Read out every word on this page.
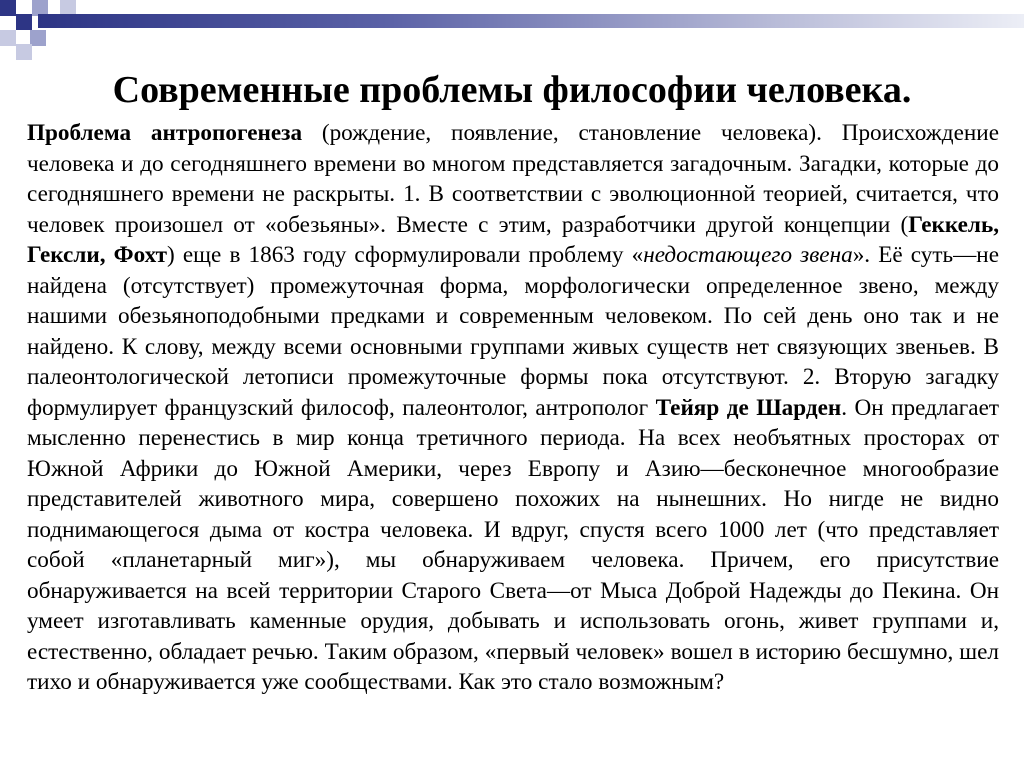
Современные проблемы философии человека.

Проблема антропогенеза (рождение, появление, становление человека). Происхождение человека и до сегодняшнего времени во многом представляется загадочным. Загадки, которые до сегодняшнего времени не раскрыты. 1. В соответствии с эволюционной теорией, считается, что человек произошел от «обезьяны». Вместе с этим, разработчики другой концепции (Геккель, Гексли, Фохт) еще в 1863 году сформулировали проблему «недостающего звена». Её суть—не найдена (отсутствует) промежуточная форма, морфологически определенное звено, между нашими обезьяноподобными предками и современным человеком. По сей день оно так и не найдено. К слову, между всеми основными группами живых существ нет связующих звеньев. В палеонтологической летописи промежуточные формы пока отсутствуют. 2. Вторую загадку формулирует французский философ, палеонтолог, антрополог Тейяр де Шарден. Он предлагает мысленно перенестись в мир конца третичного периода. На всех необъятных просторах от Южной Африки до Южной Америки, через Европу и Азию—бесконечное многообразие представителей животного мира, совершено похожих на нынешних. Но нигде не видно поднимающегося дыма от костра человека. И вдруг, спустя всего 1000 лет (что представляет собой «планетарный миг»), мы обнаруживаем человека. Причем, его присутствие обнаруживается на всей территории Старого Света—от Мыса Доброй Надежды до Пекина. Он умеет изготавливать каменные орудия, добывать и использовать огонь, живет группами и, естественно, обладает речью. Таким образом, «первый человек» вошел в историю бесшумно, шел тихо и обнаруживается уже сообществами. Как это стало возможным?
